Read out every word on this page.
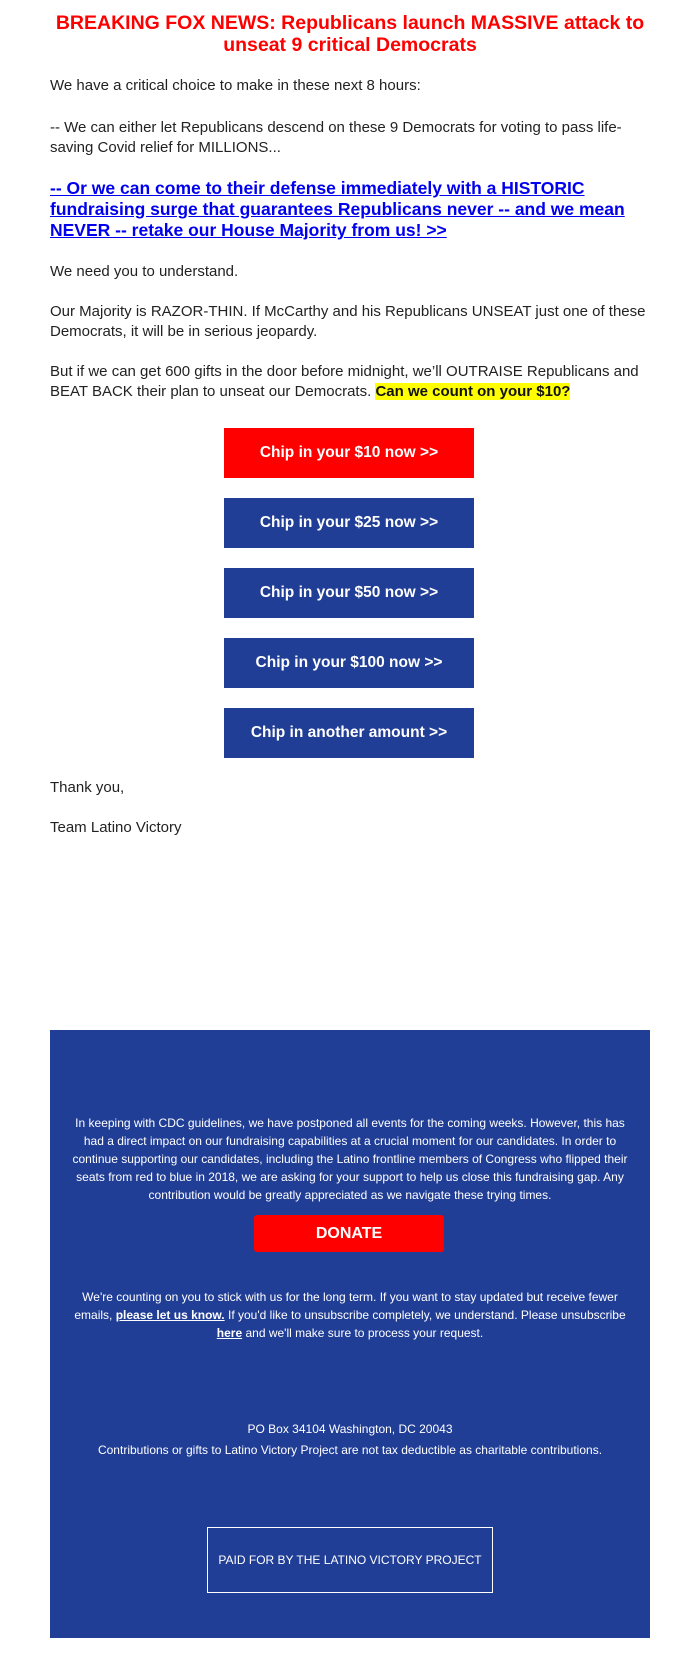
BREAKING FOX NEWS: Republicans launch MASSIVE attack to unseat 9 critical Democrats

We have a critical choice to make in these next 8 hours:

-- We can either let Republicans descend on these 9 Democrats for voting to pass life-saving Covid relief for MILLIONS...

-- Or we can come to their defense immediately with a HISTORIC fundraising surge that guarantees Republicans never -- and we mean NEVER -- retake our House Majority from us! >>

We need you to understand.

Our Majority is RAZOR-THIN. If McCarthy and his Republicans UNSEAT just one of these Democrats, it will be in serious jeopardy.

But if we can get 600 gifts in the door before midnight, we’ll OUTRAISE Republicans and BEAT BACK their plan to unseat our Democrats. Can we count on your $10?

Chip in your $10 now >>
Chip in your $25 now >>
Chip in your $50 now >>
Chip in your $100 now >>
Chip in another amount >>

Thank you,

Team Latino Victory

In keeping with CDC guidelines, we have postponed all events for the coming weeks. However, this has had a direct impact on our fundraising capabilities at a crucial moment for our candidates. In order to continue supporting our candidates, including the Latino frontline members of Congress who flipped their seats from red to blue in 2018, we are asking for your support to help us close this fundraising gap. Any contribution would be greatly appreciated as we navigate these trying times.

DONATE

We're counting on you to stick with us for the long term. If you want to stay updated but receive fewer emails, please let us know. If you'd like to unsubscribe completely, we understand. Please unsubscribe here and we'll make sure to process your request.

PO Box 34104 Washington, DC 20043

Contributions or gifts to Latino Victory Project are not tax deductible as charitable contributions.

PAID FOR BY THE LATINO VICTORY PROJECT
